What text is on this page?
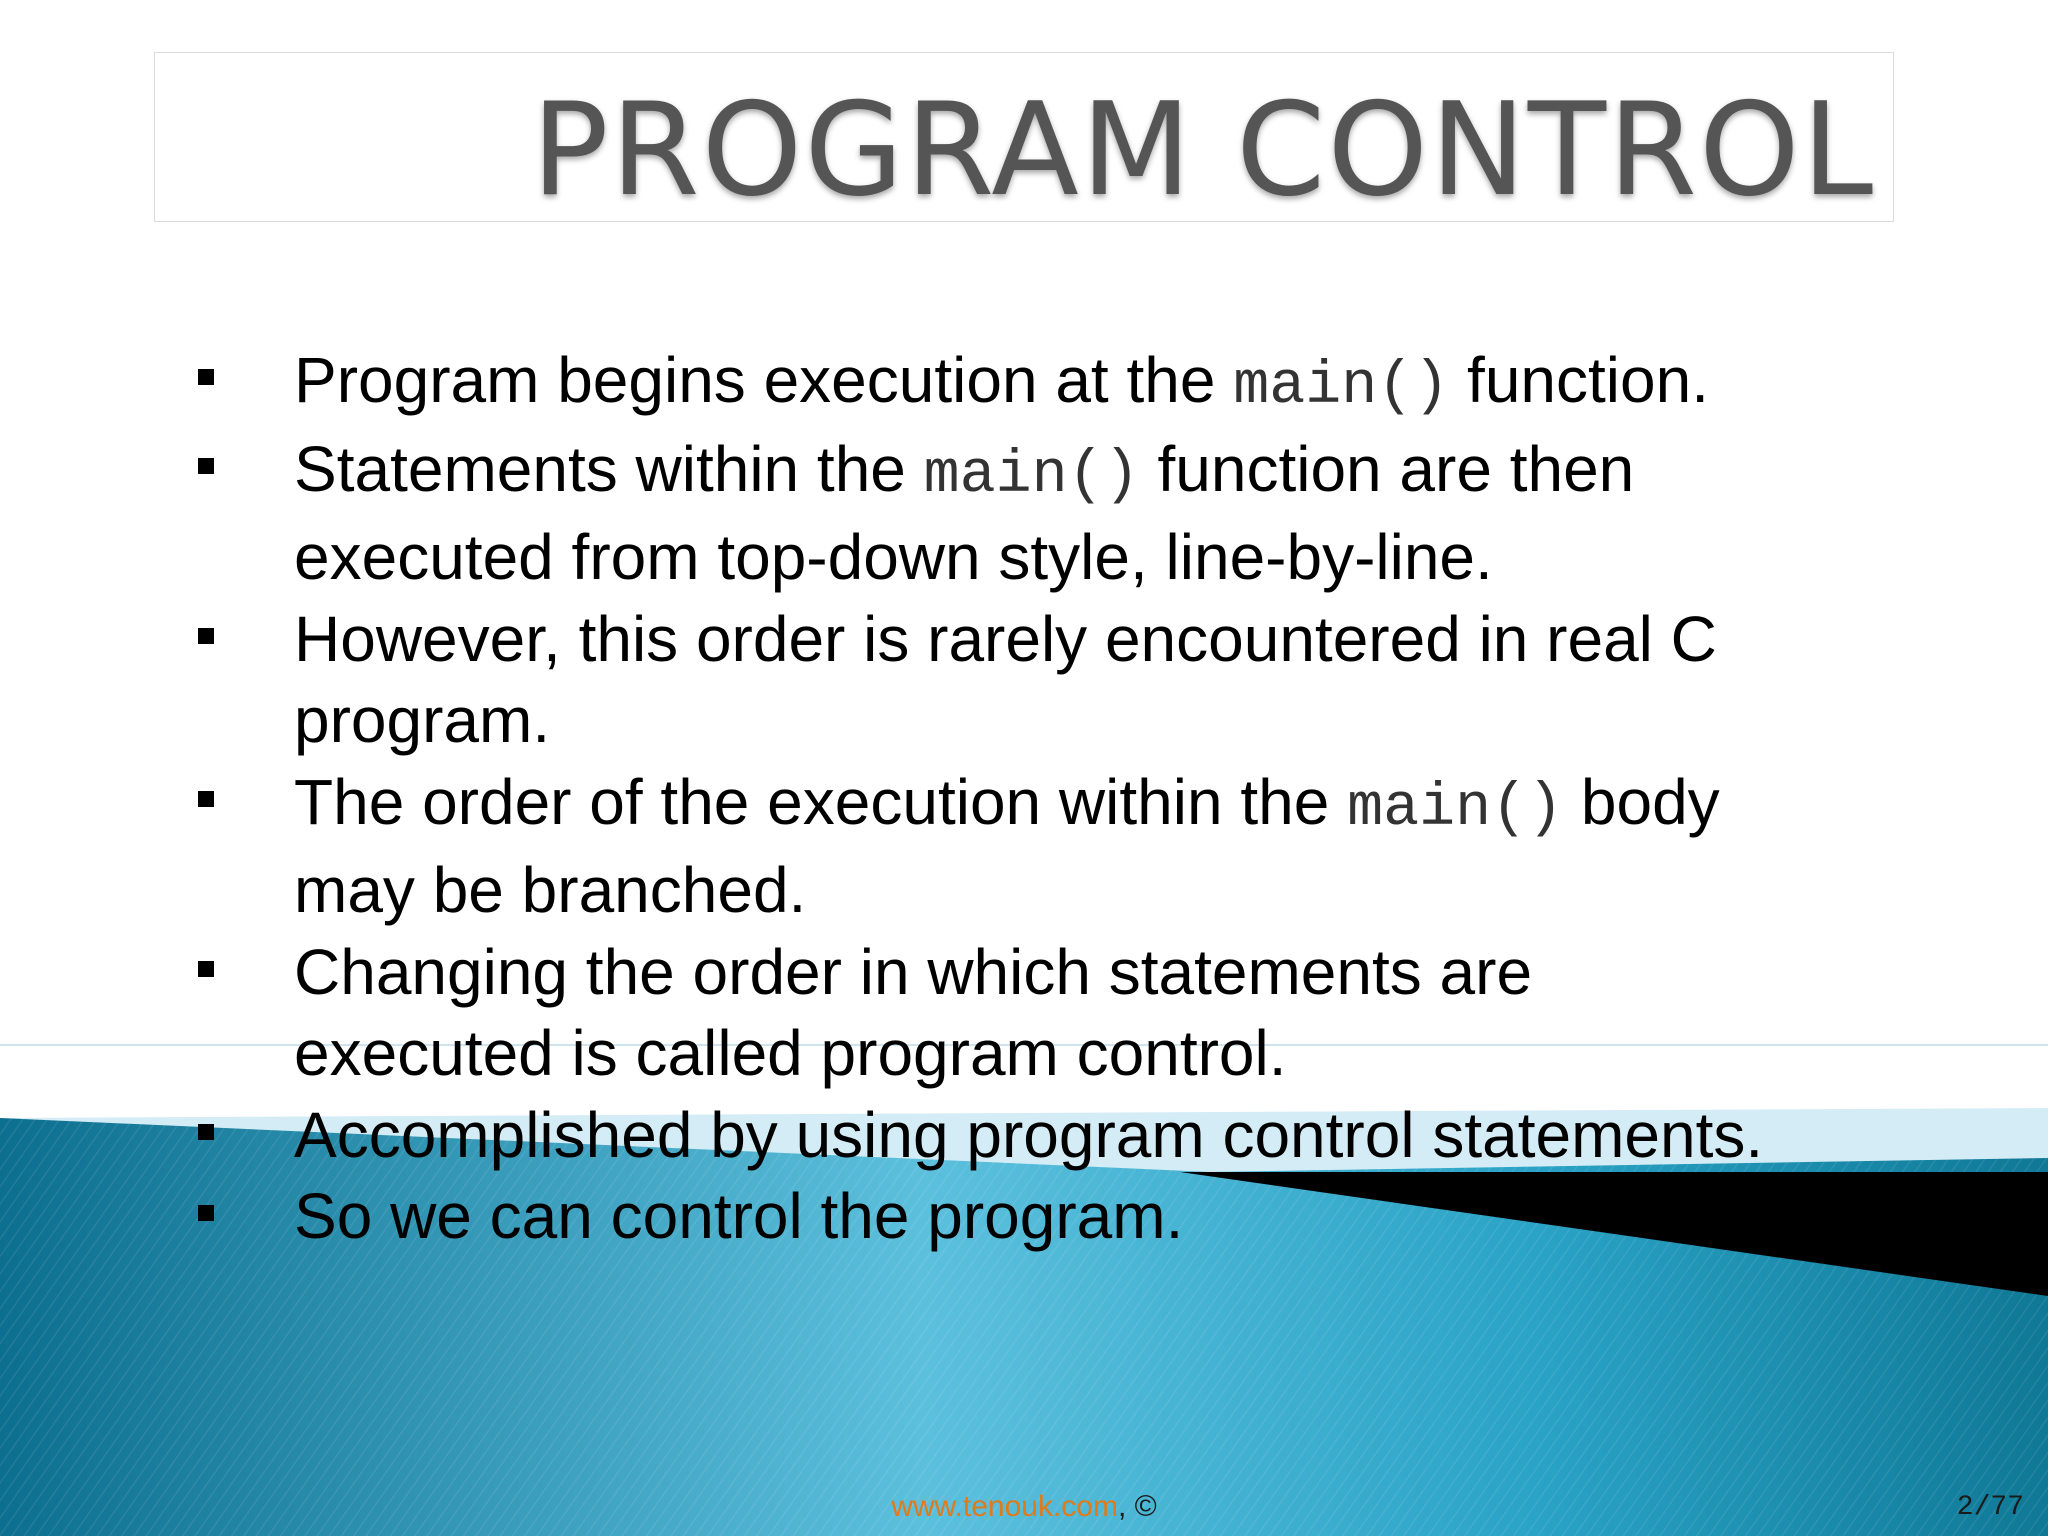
PROGRAM CONTROL
Program begins execution at the main() function.
Statements within the main() function are then
executed from top-down style, line-by-line.
However, this order is rarely encountered in real C
program.
The order of the execution within the main() body
may be branched.
Changing the order in which statements are
executed is called program control.
Accomplished by using program control statements.
So we can control the program.
www.tenouk.com, ©	2/77
